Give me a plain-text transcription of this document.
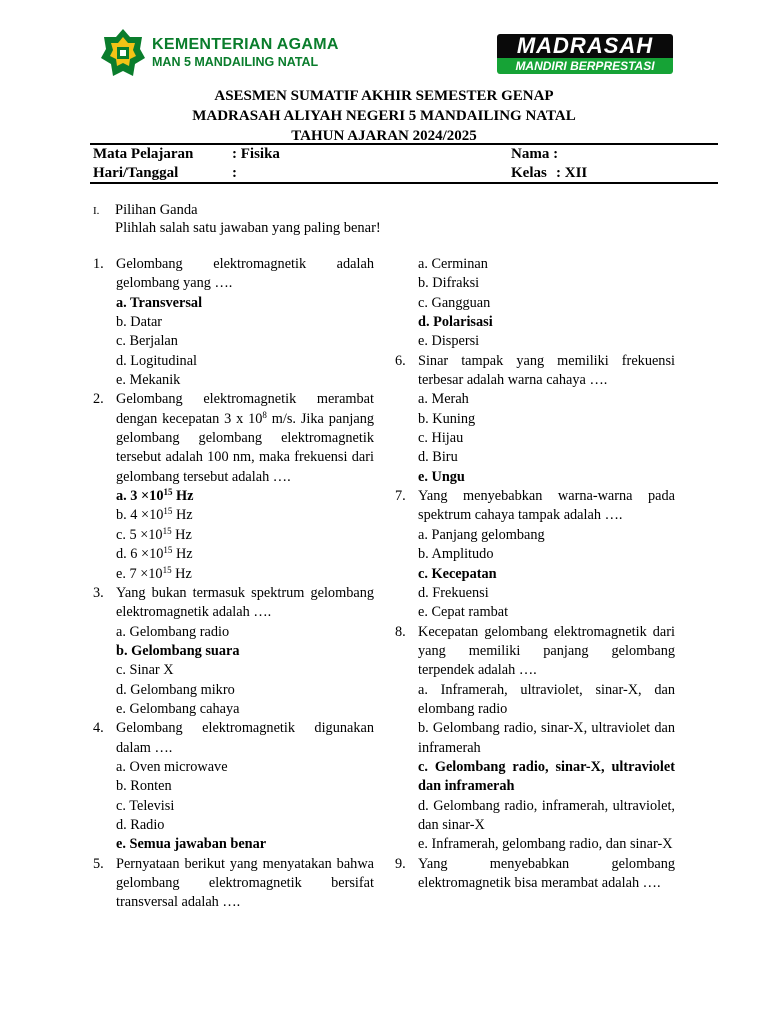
KEMENTERIAN AGAMA
MAN 5 MANDAILING NATAL
MADRASAH
MANDIRI BERPRESTASI
ASESMEN SUMATIF AKHIR SEMESTER GENAP
MADRASAH ALIYAH NEGERI 5 MANDAILING NATAL
TAHUN AJARAN 2024/2025
Mata Pelajaran	: Fisika	Nama :
Hari/Tanggal	:	Kelas : XII
I. Pilihan Ganda
Plihlah salah satu jawaban yang paling benar!
1. Gelombang elektromagnetik adalah gelombang yang ….
a. Transversal
b. Datar
c. Berjalan
d. Logitudinal
e. Mekanik
2. Gelombang elektromagnetik merambat dengan kecepatan 3 x $10^8$ m/s. Jika panjang gelombang gelombang elektromagnetik tersebut adalah 100 nm, maka frekuensi dari gelombang tersebut adalah ….
a. $3 \times 10^{15}$ Hz
b. $4 \times 10^{15}$ Hz
c. $5 \times 10^{15}$ Hz
d. $6 \times 10^{15}$ Hz
e. $7 \times 10^{15}$ Hz
3. Yang bukan termasuk spektrum gelombang elektromagnetik adalah ….
a. Gelombang radio
b. Gelombang suara
c. Sinar X
d. Gelombang mikro
e. Gelombang cahaya
4. Gelombang elektromagnetik digunakan dalam ….
a. Oven microwave
b. Ronten
c. Televisi
d. Radio
e. Semua jawaban benar
5. Pernyataan berikut yang menyatakan bahwa gelombang elektromagnetik bersifat transversal adalah ….
a. Cerminan
b. Difraksi
c. Gangguan
d. Polarisasi
e. Dispersi
6. Sinar tampak yang memiliki frekuensi terbesar adalah warna cahaya ….
a. Merah
b. Kuning
c. Hijau
d. Biru
e. Ungu
7. Yang menyebabkan warna-warna pada spektrum cahaya tampak adalah ….
a. Panjang gelombang
b. Amplitudo
c. Kecepatan
d. Frekuensi
e. Cepat rambat
8. Kecepatan gelombang elektromagnetik dari yang memiliki panjang gelombang terpendek adalah ….
a. Inframerah, ultraviolet, sinar-X, dan elombang radio
b. Gelombang radio, sinar-X, ultraviolet dan inframerah
c. Gelombang radio, sinar-X, ultraviolet dan inframerah
d. Gelombang radio, inframerah, ultraviolet, dan sinar-X
e. Inframerah, gelombang radio, dan sinar-X
9. Yang menyebabkan gelombang elektromagnetik bisa merambat adalah ….
